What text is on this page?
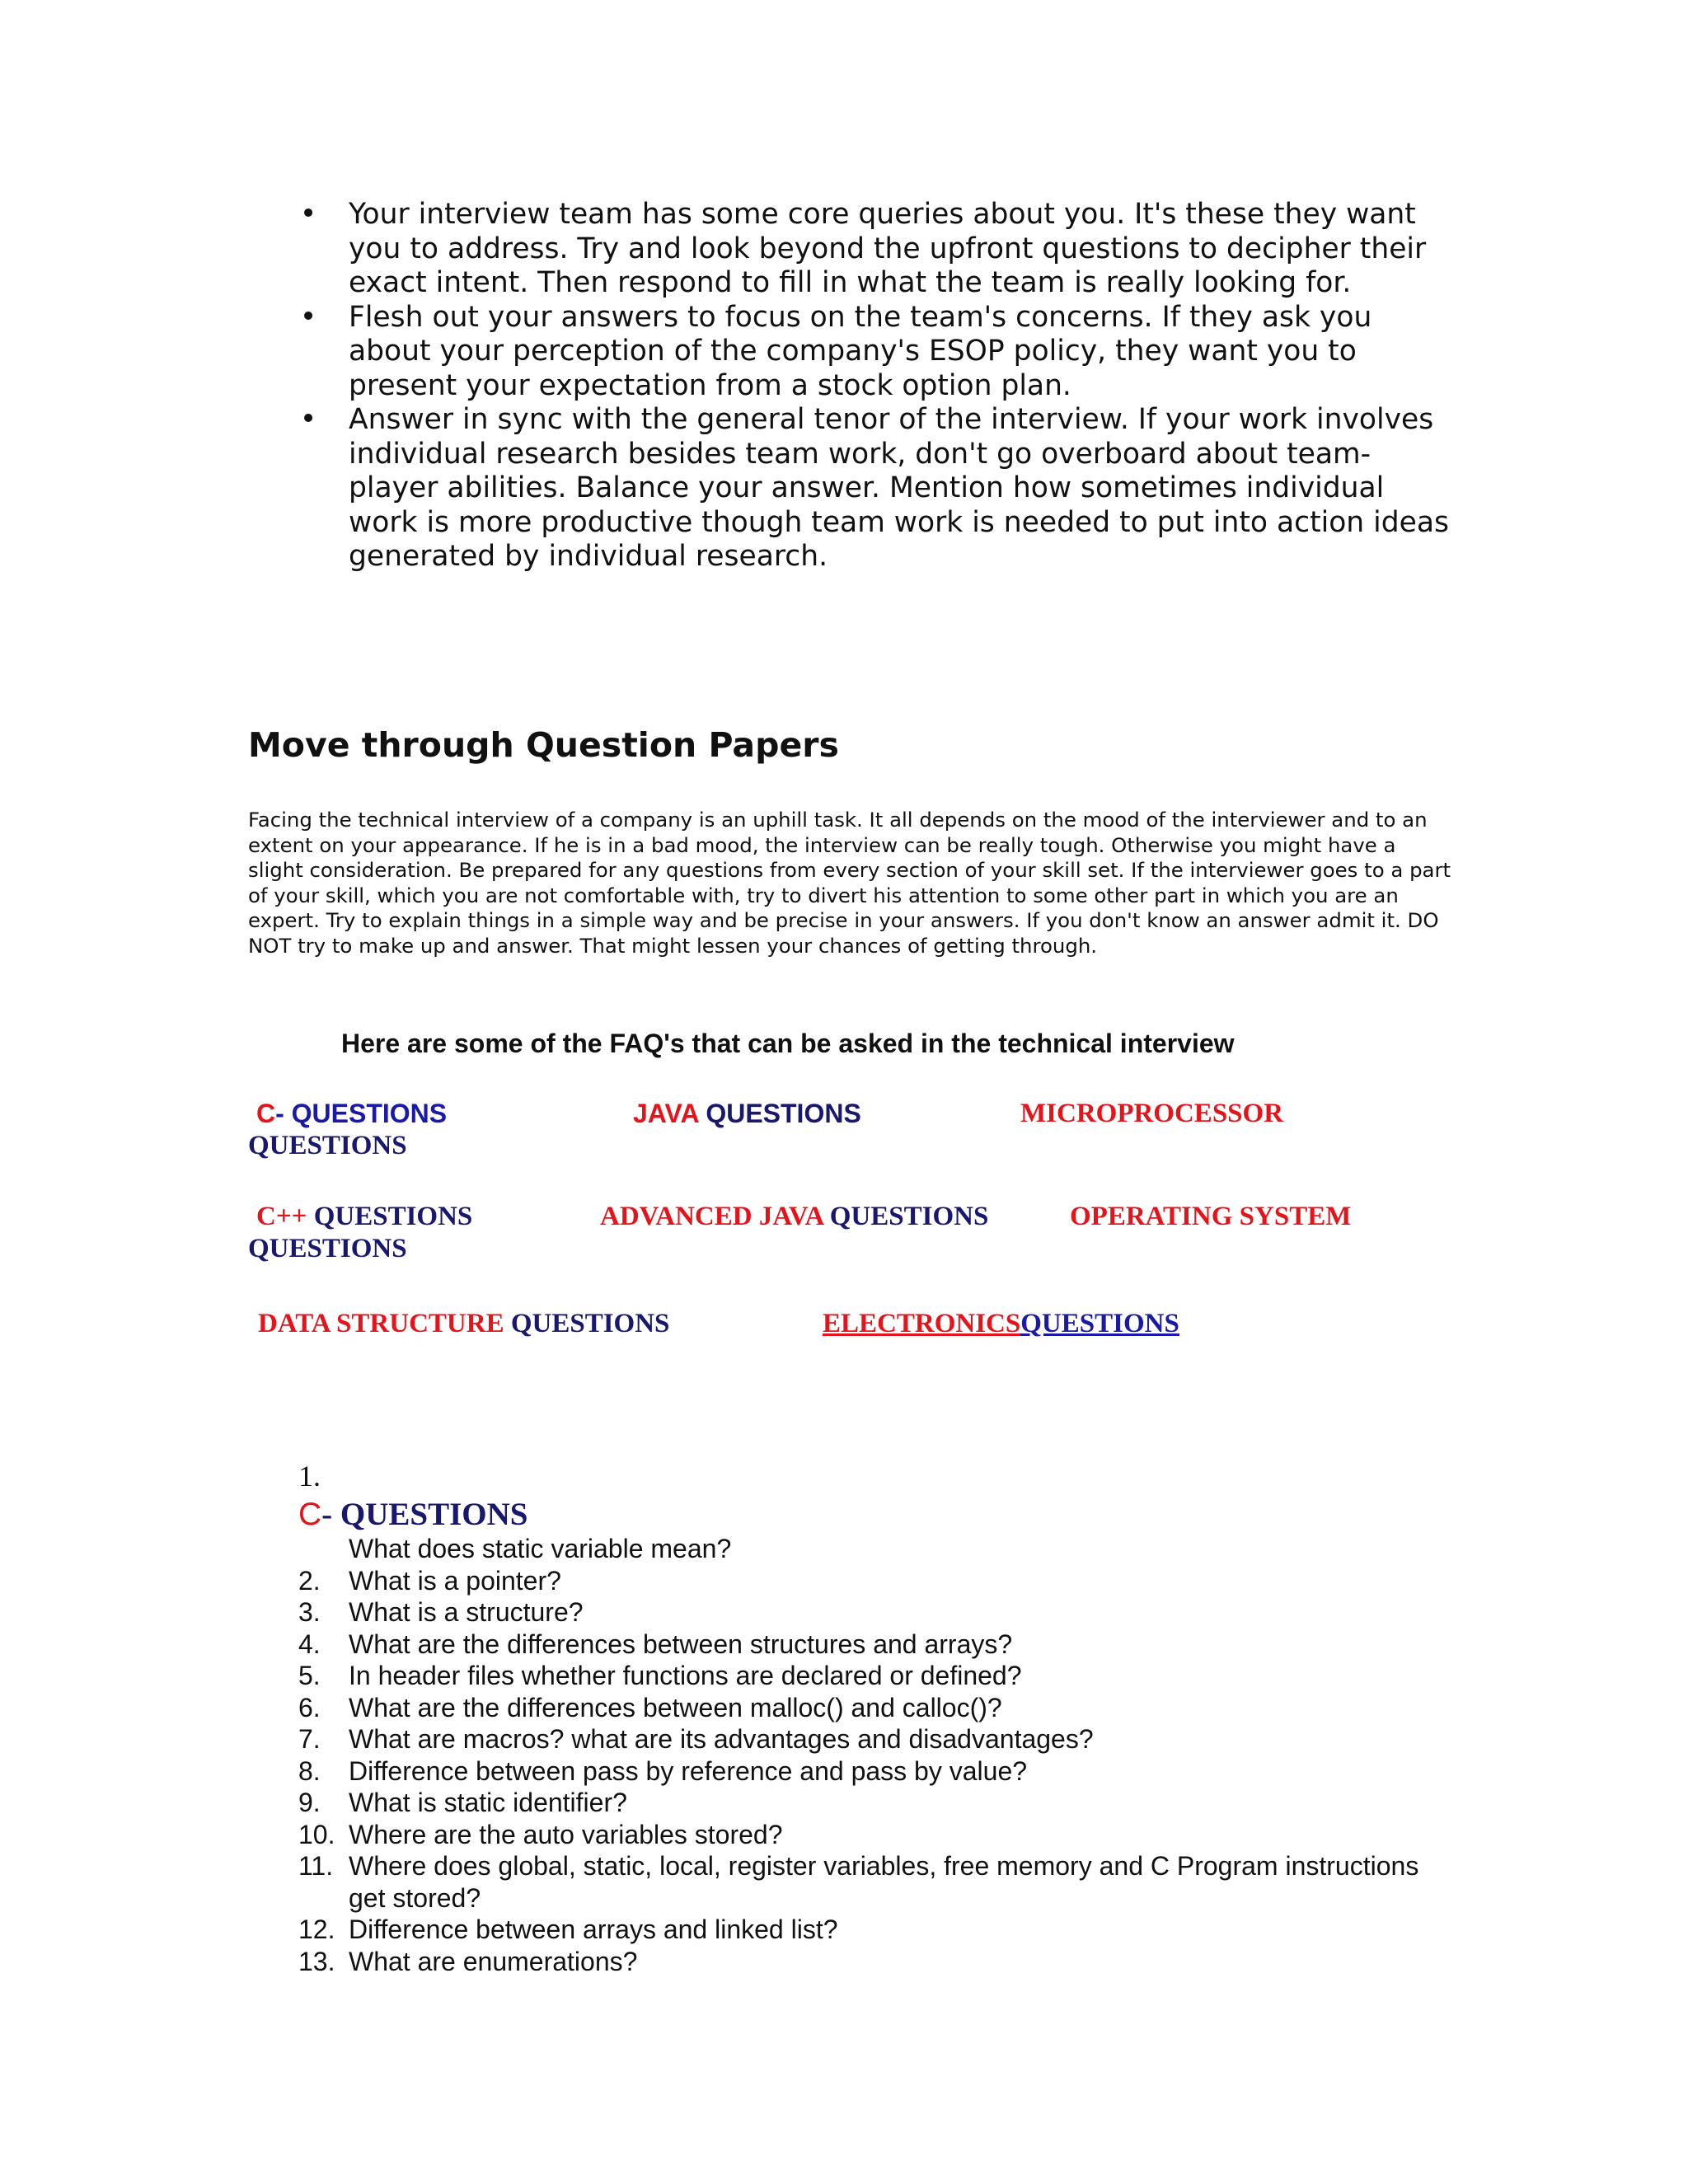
• Your interview team has some core queries about you. It's these they want you to address. Try and look beyond the upfront questions to decipher their exact intent. Then respond to fill in what the team is really looking for.
• Flesh out your answers to focus on the team's concerns. If they ask you about your perception of the company's ESOP policy, they want you to present your expectation from a stock option plan.
• Answer in sync with the general tenor of the interview. If your work involves individual research besides team work, don't go overboard about team-player abilities. Balance your answer. Mention how sometimes individual work is more productive though team work is needed to put into action ideas generated by individual research.
Move through Question Papers

Facing the technical interview of a company is an uphill task. It all depends on the mood of the interviewer and to an extent on your appearance. If he is in a bad mood, the interview can be really tough. Otherwise you might have a slight consideration. Be prepared for any questions from every section of your skill set. If the interviewer goes to a part of your skill, which you are not comfortable with, try to divert his attention to some other part in which you are an expert. Try to explain things in a simple way and be precise in your answers. If you don't know an answer admit it. DO NOT try to make up and answer. That might lessen your chances of getting through.

Here are some of the FAQ's that can be asked in the technical interview

C- QUESTIONS	JAVA QUESTIONS	MICROPROCESSOR
QUESTIONS
C++ QUESTIONS	ADVANCED JAVA QUESTIONS	OPERATING SYSTEM
QUESTIONS
DATA STRUCTURE QUESTIONS	ELECTRONICSQUESTIONS
1.
C- QUESTIONS
What does static variable mean?
2. What is a pointer?
3. What is a structure?
4. What are the differences between structures and arrays?
5. In header files whether functions are declared or defined?
6. What are the differences between malloc() and calloc()?
7. What are macros? what are its advantages and disadvantages?
8. Difference between pass by reference and pass by value?
9. What is static identifier?
10. Where are the auto variables stored?
11. Where does global, static, local, register variables, free memory and C Program instructions get stored?
12. Difference between arrays and linked list?
13. What are enumerations?
